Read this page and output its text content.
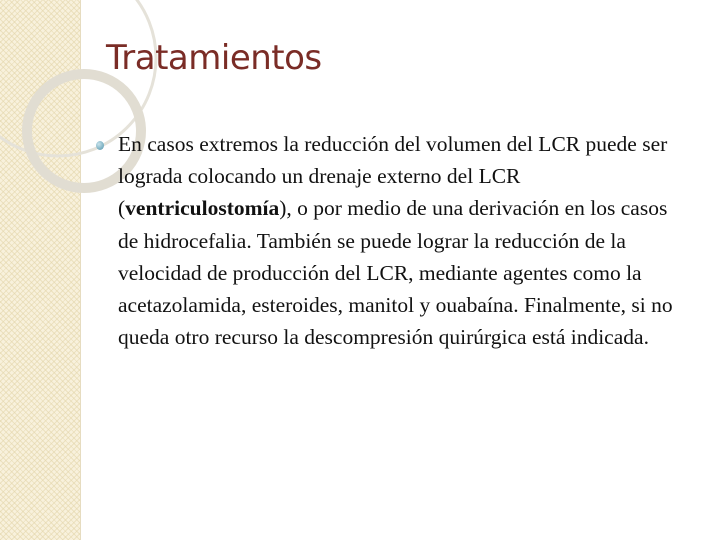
Tratamientos
En casos extremos la reducción del volumen del LCR puede ser lograda colocando un drenaje externo del LCR (ventriculostomía), o por medio de una derivación en los casos de hidrocefalia. También se puede lograr la reducción de la velocidad de producción del LCR, mediante agentes como la acetazolamida, esteroides, manitol y ouabaína. Finalmente, si no queda otro recurso la descompresión quirúrgica está indicada.
